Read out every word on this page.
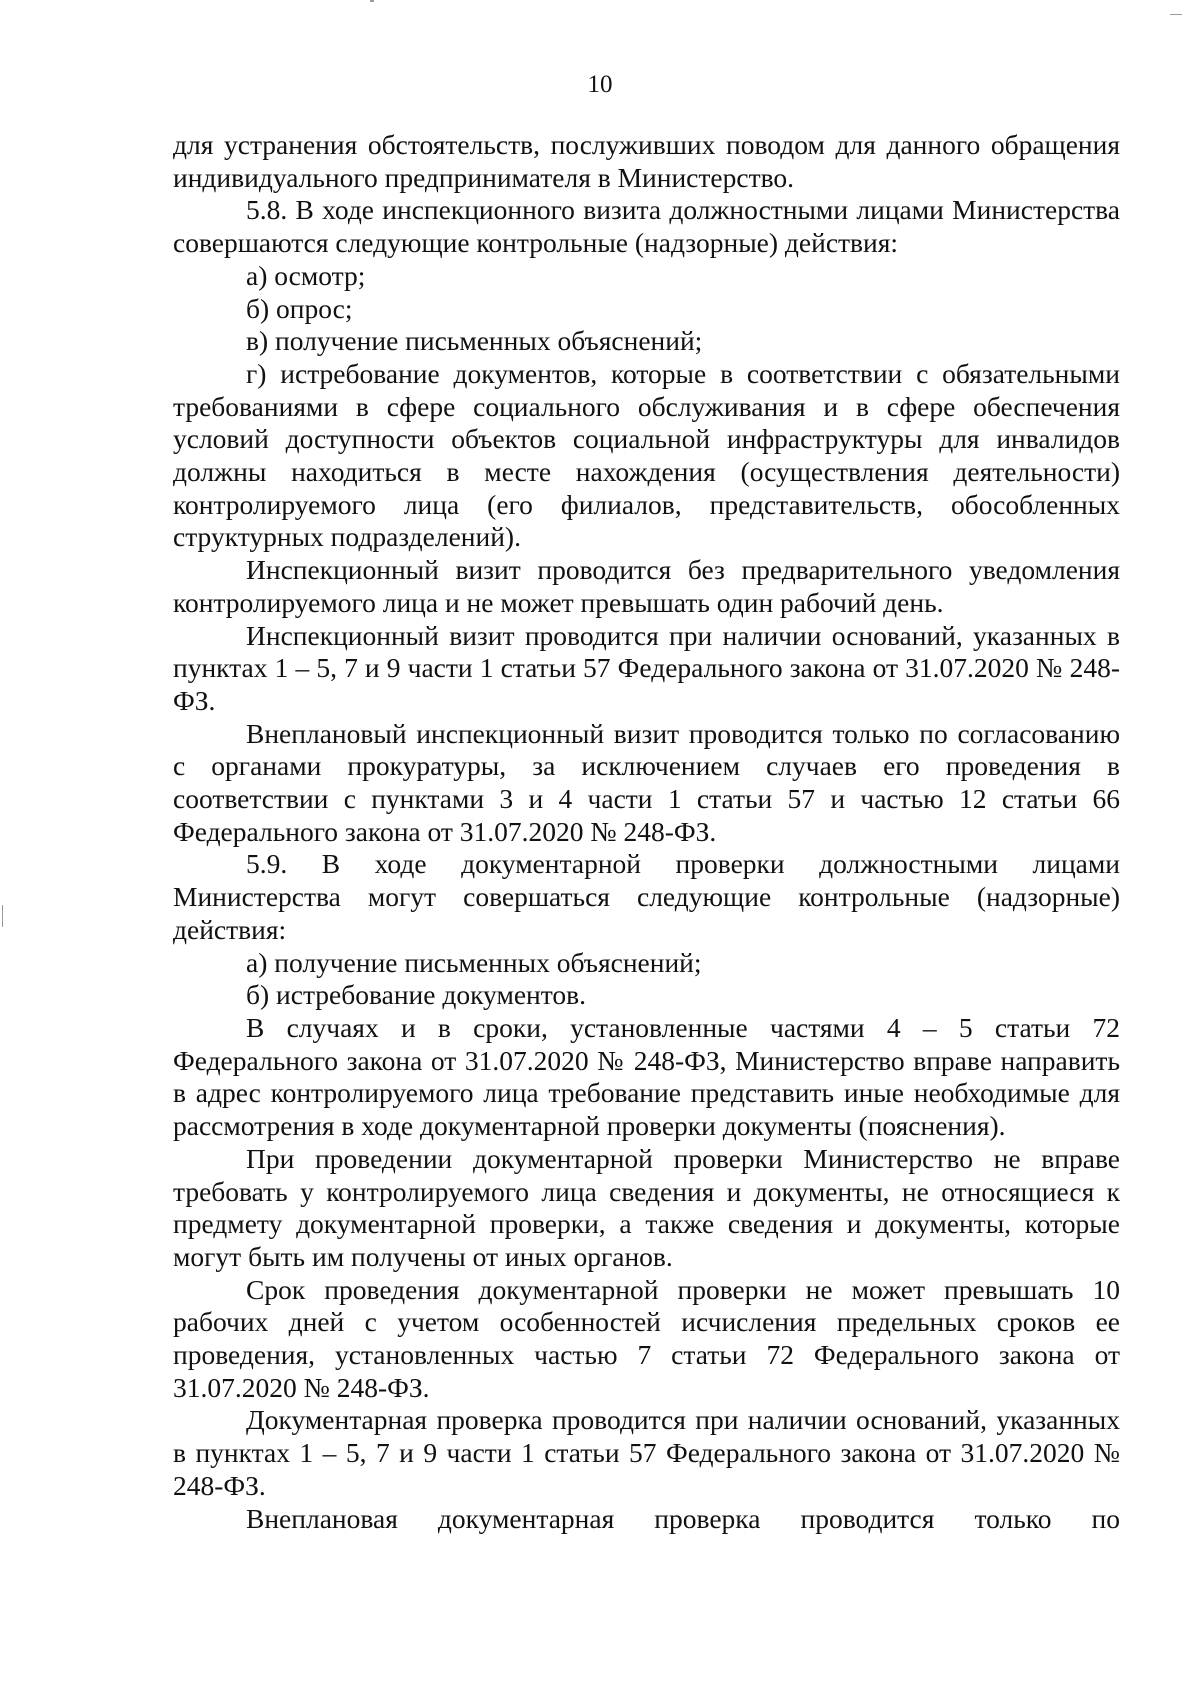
10

для устранения обстоятельств, послуживших поводом для данного обращения индивидуального предпринимателя в Министерство.

5.8. В ходе инспекционного визита должностными лицами Министерства совершаются следующие контрольные (надзорные) действия:

а) осмотр;

б) опрос;

в) получение письменных объяснений;

г) истребование документов, которые в соответствии с обязательными требованиями в сфере социального обслуживания и в сфере обеспечения условий доступности объектов социальной инфраструктуры для инвалидов должны находиться в месте нахождения (осуществления деятельности) контролируемого лица (его филиалов, представительств, обособленных структурных подразделений).

Инспекционный визит проводится без предварительного уведомления контролируемого лица и не может превышать один рабочий день.

Инспекционный визит проводится при наличии оснований, указанных в пунктах 1 – 5, 7 и 9 части 1 статьи 57 Федерального закона от 31.07.2020 № 248-ФЗ.

Внеплановый инспекционный визит проводится только по согласованию с органами прокуратуры, за исключением случаев его проведения в соответствии с пунктами 3 и 4 части 1 статьи 57 и частью 12 статьи 66 Федерального закона от 31.07.2020 № 248-ФЗ.

5.9. В ходе документарной проверки должностными лицами Министерства могут совершаться следующие контрольные (надзорные) действия:

а) получение письменных объяснений;

б) истребование документов.

В случаях и в сроки, установленные частями 4 – 5 статьи 72 Федерального закона от 31.07.2020 № 248-ФЗ, Министерство вправе направить в адрес контролируемого лица требование представить иные необходимые для рассмотрения в ходе документарной проверки документы (пояснения).

При проведении документарной проверки Министерство не вправе требовать у контролируемого лица сведения и документы, не относящиеся к предмету документарной проверки, а также сведения и документы, которые могут быть им получены от иных органов.

Срок проведения документарной проверки не может превышать 10 рабочих дней с учетом особенностей исчисления предельных сроков ее проведения, установленных частью 7 статьи 72 Федерального закона от 31.07.2020 № 248-ФЗ.

Документарная проверка проводится при наличии оснований, указанных в пунктах 1 – 5, 7 и 9 части 1 статьи 57 Федерального закона от 31.07.2020 № 248-ФЗ.

Внеплановая документарная проверка проводится только по
